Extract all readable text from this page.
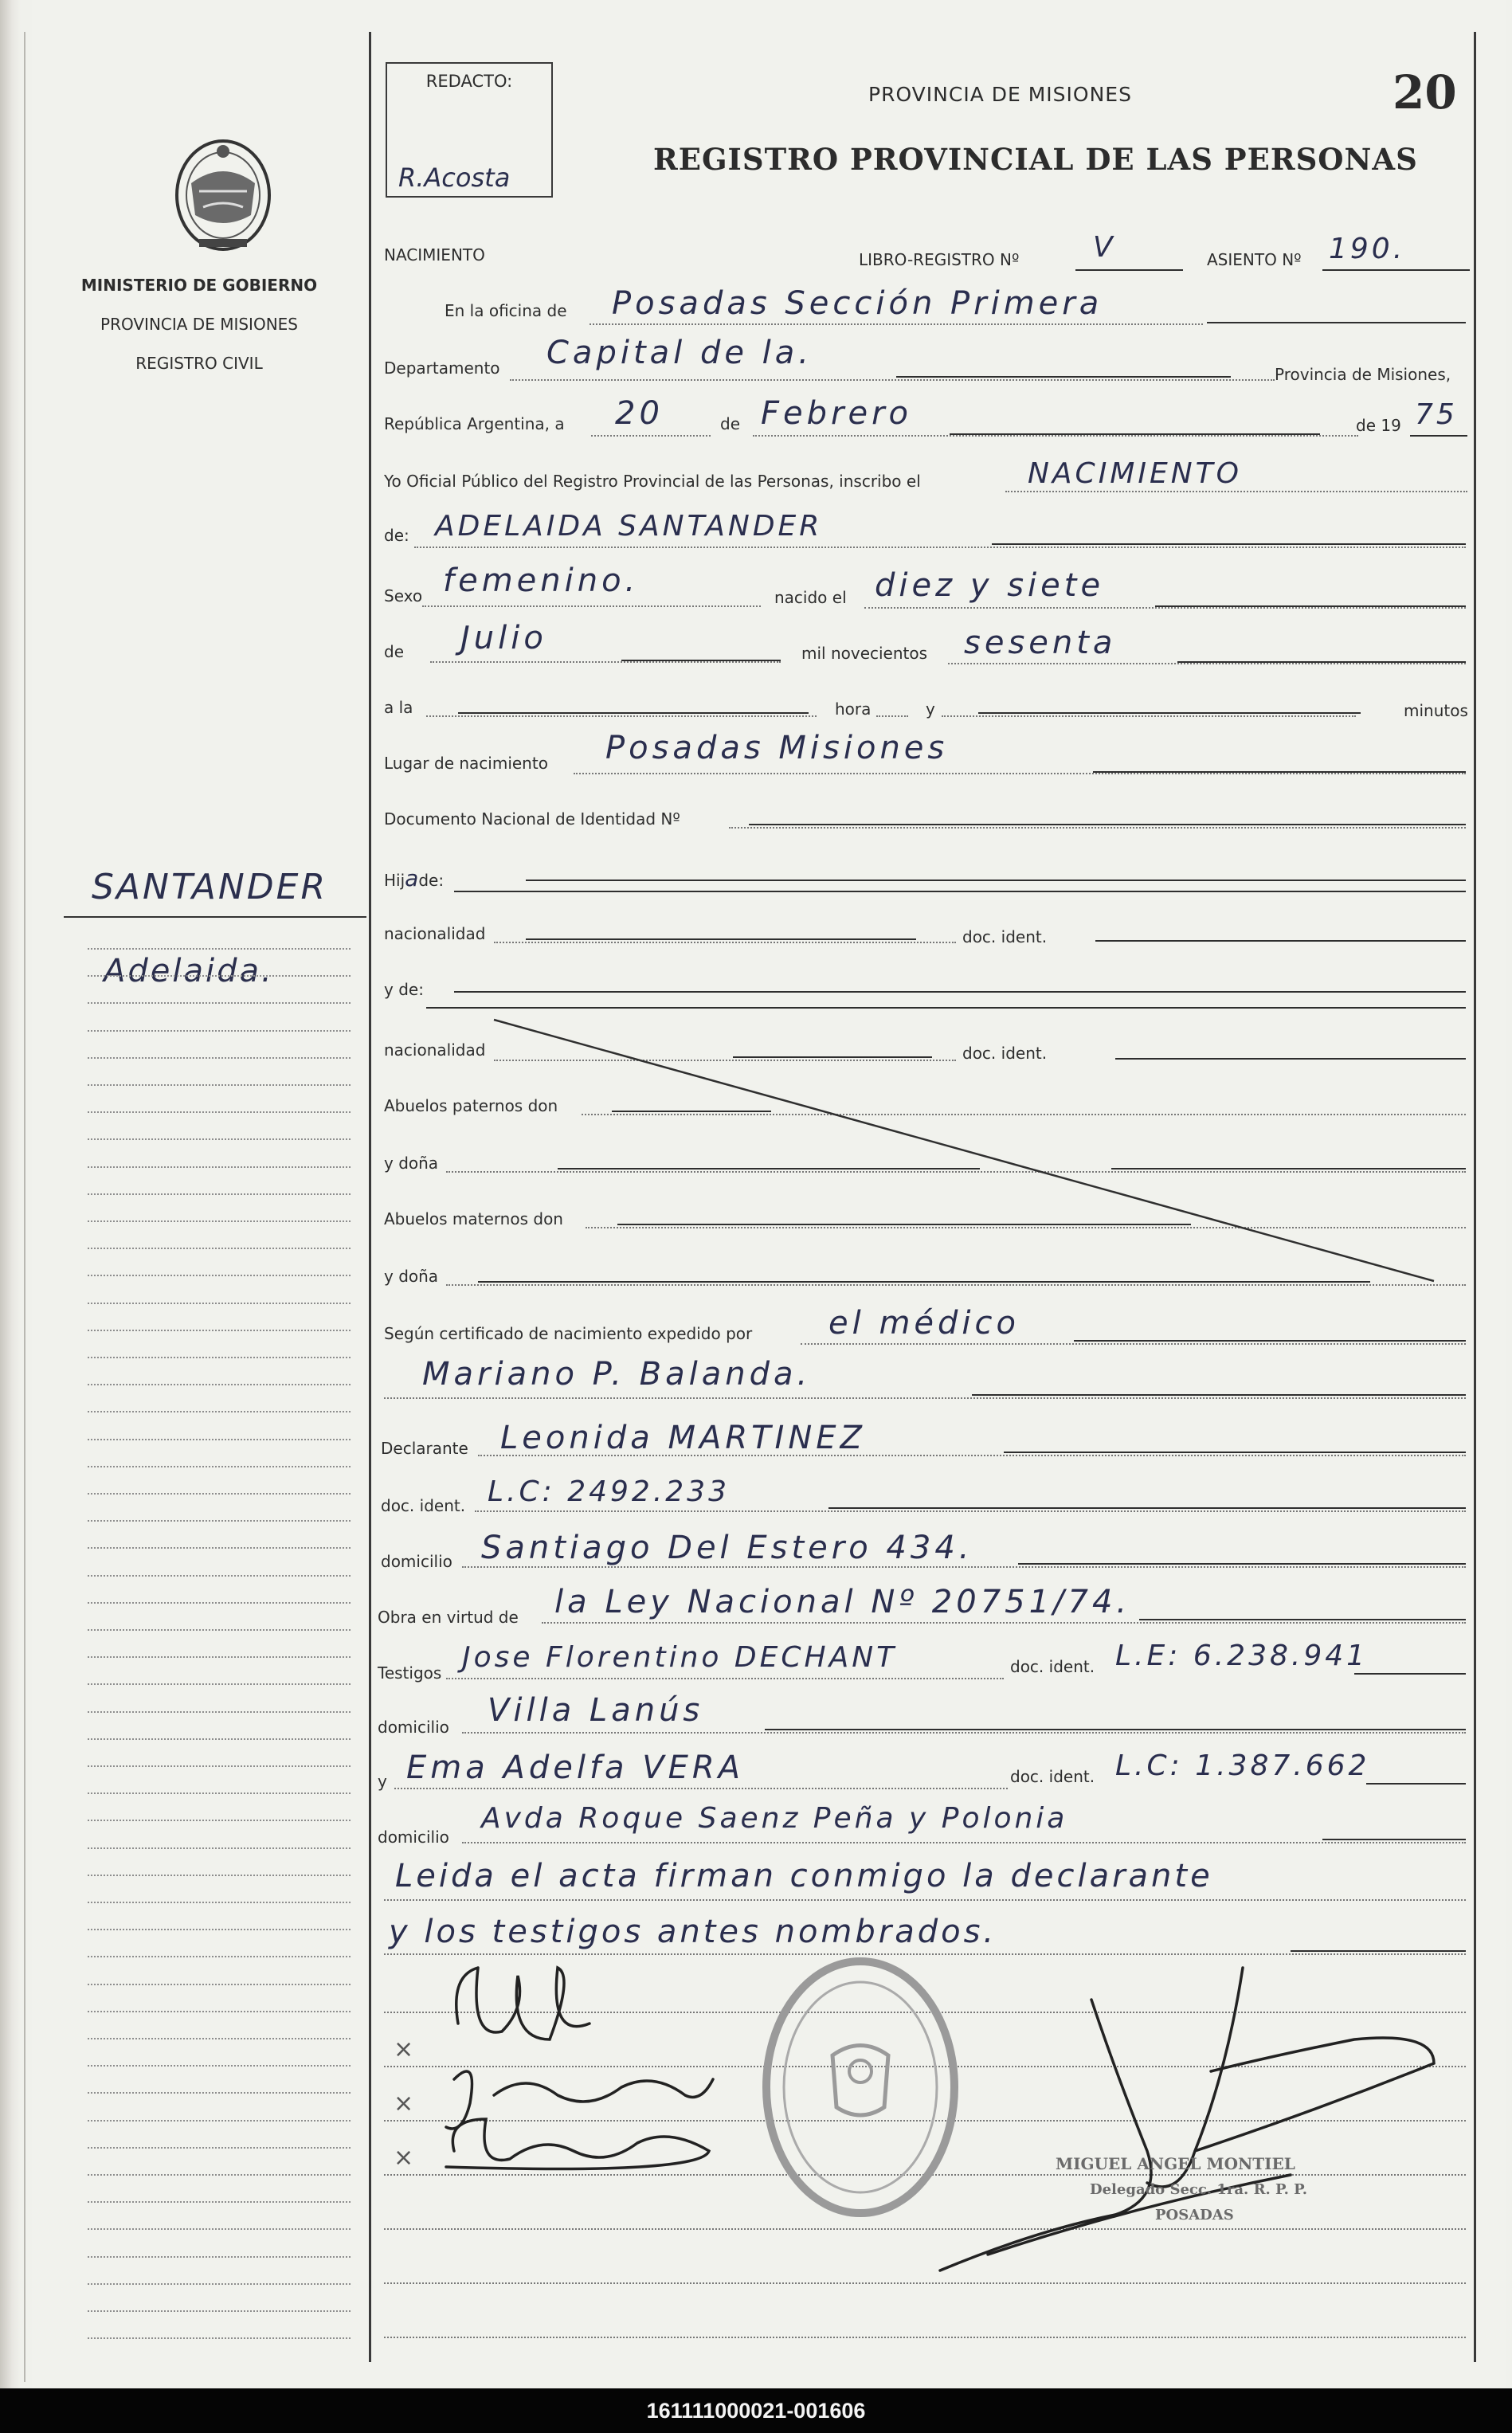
MINISTERIO DE GOBIERNO
PROVINCIA DE MISIONES
REGISTRO CIVIL
SANTANDER
Adelaida.
REDACTO:
R.Acosta
PROVINCIA DE MISIONES
REGISTRO PROVINCIAL DE LAS PERSONAS
20
NACIMIENTO	LIBRO-REGISTRO Nº	V	ASIENTO Nº 190.
En la oficina de Posadas Sección Primera
Departamento Capital de la.
Provincia de Misiones,
República Argentina, a 20	de Febrero	de 19 75
Yo Oficial Público del Registro Provincial de las Personas, inscribo el	NACIMIENTO
de: ADELAIDA SANTANDER
Sexo femenino.	nacido el diez y siete
de Julio	mil novecientos sesenta
a la	hora	y	minutos
Lugar de nacimiento Posadas Misiones
Documento Nacional de Identidad Nº
Hijade:
nacionalidad	doc. ident.
y de:
nacionalidad	doc. ident.
Abuelos paternos don
y doña
Abuelos maternos don
y doña
Según certificado de nacimiento expedido por el médico
Mariano P. Balanda.
Declarante Leonida MARTINEZ
doc. ident. L.C: 2492.233
domicilio Santiago Del Estero 434.
Obra en virtud de la Ley Nacional Nº 20751/74.
Testigos Jose Florentino DECHANT	doc. ident. L.E: 6.238.941
domicilio Villa Lanús
y Ema Adelfa VERA	doc. ident. L.C: 1.387.662
domicilio
Avda Roque Saenz Peña y Polonia
Leida el acta firman conmigo la declarante
y los testigos antes nombrados.
×
×
×	MIGUEL ANGEL MONTIEL
Delegado Secc. 1ra. R. P. P.
POSADAS
161111000021-001606
